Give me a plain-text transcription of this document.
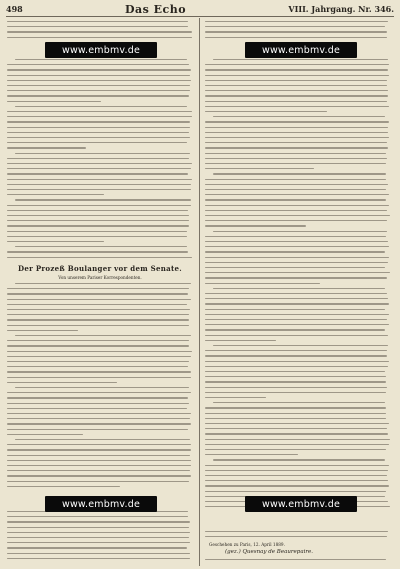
498	Das Echo	VIII. Jahrgang. Nr. 346.
Der Prozeß Boulanger vor dem Senate.
Von unserem Pariser Korrespondenten.
Geschehen zu Paris, 12. April 1889.
(gez.) Quesnay de Beaurepaire.
www.embmv.de	www.embmv.de
www.embmv.de	www.embmv.de
